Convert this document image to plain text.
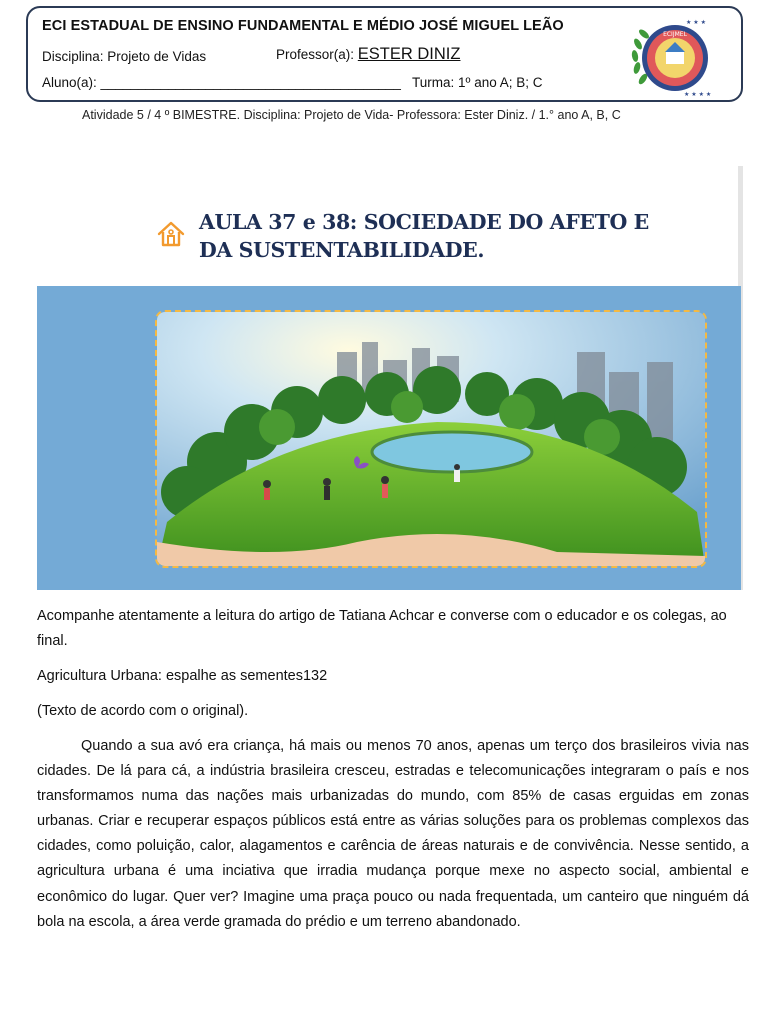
ECI ESTADUAL DE ENSINO FUNDAMENTAL E MÉDIO JOSÉ MIGUEL LEÃO
Disciplina: Projeto de Vidas	Professor(a): ESTER DINIZ
Aluno(a): ________________________________________ Turma: 1º ano A; B; C
ECIJMEL
★ ★ ★
★ ★ ★ ★
Atividade 5 / 4 º BIMESTRE. Disciplina: Projeto de Vida- Professora: Ester Diniz. / 1.° ano A, B, C
AULA 37 e 38: SOCIEDADE DO AFETO E
DA SUSTENTABILIDADE.
Acompanhe atentamente a leitura do artigo de Tatiana Achcar e converse com o educador e os colegas, ao final.
Agricultura Urbana: espalhe as sementes132
(Texto de acordo com o original).
Quando a sua avó era criança, há mais ou menos 70 anos, apenas um terço dos brasileiros vivia nas cidades. De lá para cá, a indústria brasileira cresceu, estradas e telecomunicações integraram o país e nos transformamos numa das nações mais urbanizadas do mundo, com 85% de casas erguidas em zonas urbanas. Criar e recuperar espaços públicos está entre as várias soluções para os problemas complexos das cidades, como poluição, calor, alagamentos e carência de áreas naturais e de convivência. Nesse sentido, a agricultura urbana é uma inciativa que irradia mudança porque mexe no aspecto social, ambiental e econômico do lugar. Quer ver? Imagine uma praça pouco ou nada frequentada, um canteiro que ninguém dá bola na escola, a área verde gramada do prédio e um terreno abandonado.
